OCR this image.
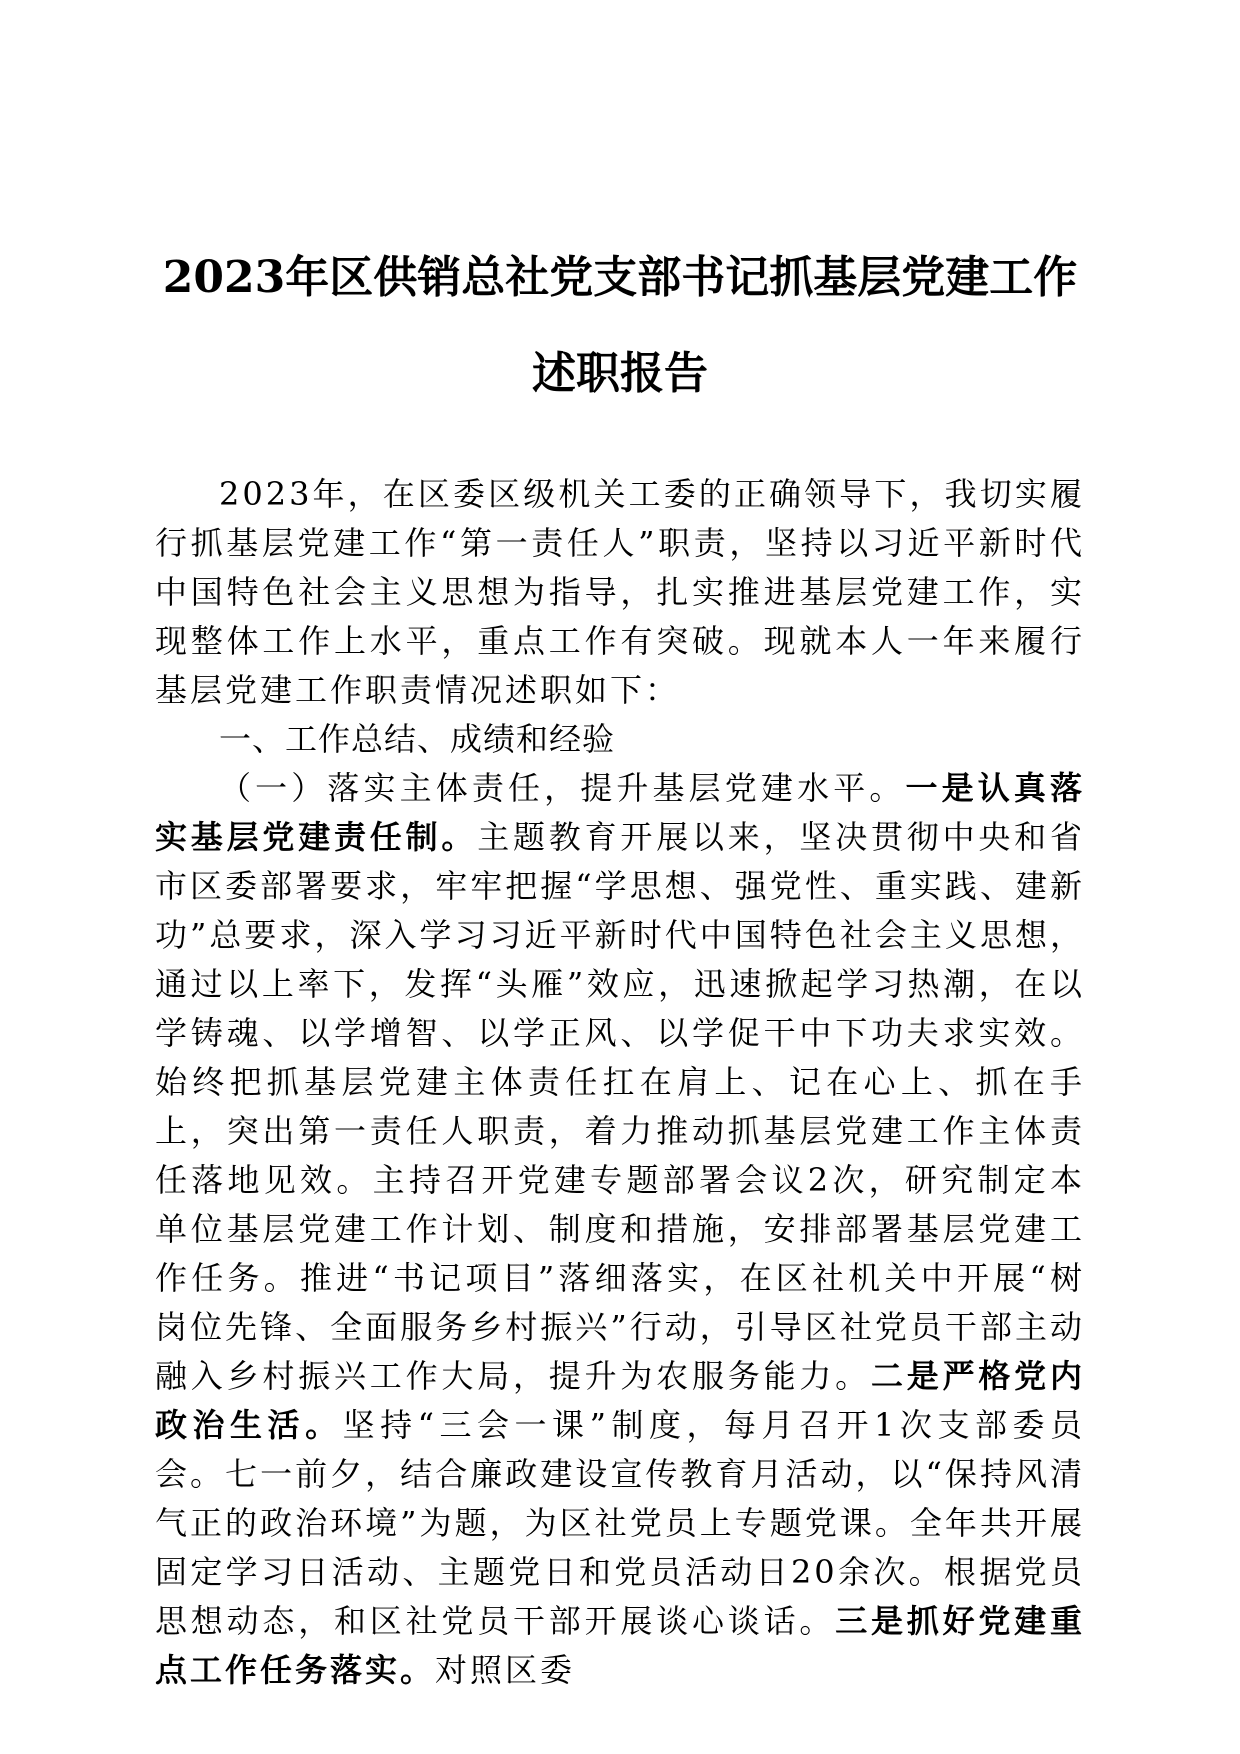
2023年区供销总社党支部书记抓基层党建工作述职报告

2023年，在区委区级机关工委的正确领导下，我切实履行抓基层党建工作“第一责任人”职责，坚持以习近平新时代中国特色社会主义思想为指导，扎实推进基层党建工作，实现整体工作上水平，重点工作有突破。现就本人一年来履行基层党建工作职责情况述职如下：

一、工作总结、成绩和经验

（一）落实主体责任，提升基层党建水平。一是认真落实基层党建责任制。主题教育开展以来，坚决贯彻中央和省市区委部署要求，牢牢把握“学思想、强党性、重实践、建新功”总要求，深入学习习近平新时代中国特色社会主义思想，通过以上率下，发挥“头雁”效应，迅速掀起学习热潮，在以学铸魂、以学增智、以学正风、以学促干中下功夫求实效。始终把抓基层党建主体责任扛在肩上、记在心上、抓在手上，突出第一责任人职责，着力推动抓基层党建工作主体责任落地见效。主持召开党建专题部署会议2次，研究制定本单位基层党建工作计划、制度和措施，安排部署基层党建工作任务。推进“书记项目”落细落实，在区社机关中开展“树岗位先锋、全面服务乡村振兴”行动，引导区社党员干部主动融入乡村振兴工作大局，提升为农服务能力。二是严格党内政治生活。坚持“三会一课”制度，每月召开1次支部委员会。七一前夕，结合廉政建设宣传教育月活动，以“保持风清气正的政治环境”为题，为区社党员上专题党课。全年共开展固定学习日活动、主题党日和党员活动日20余次。根据党员思想动态，和区社党员干部开展谈心谈话。三是抓好党建重点工作任务落实。对照区委
